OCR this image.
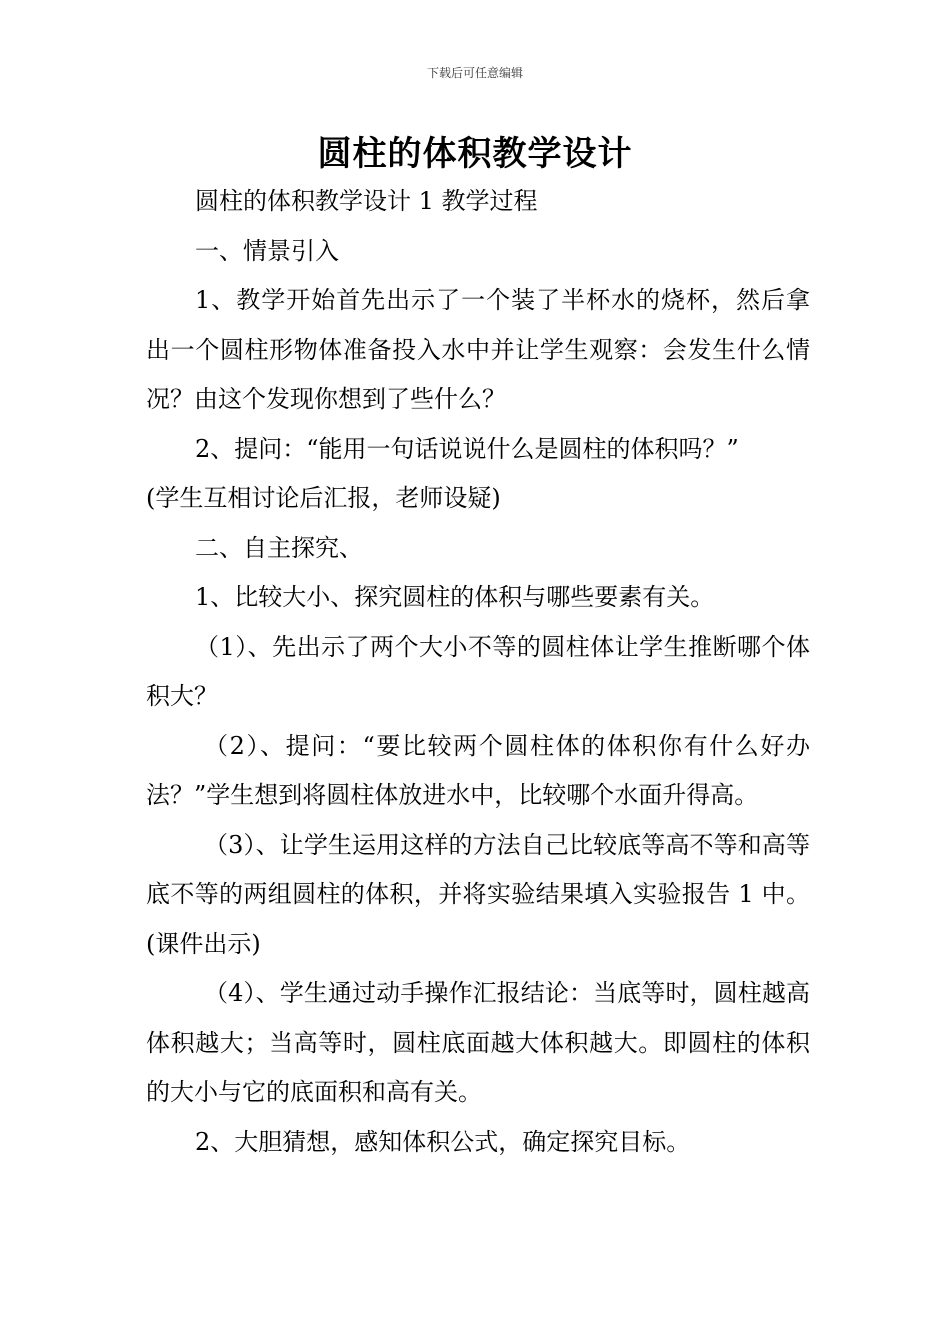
下载后可任意编辑
圆柱的体积教学设计

圆柱的体积教学设计 1 教学过程

一、情景引入

1、教学开始首先出示了一个装了半杯水的烧杯，然后拿出一个圆柱形物体准备投入水中并让学生观察：会发生什么情况？由这个发现你想到了些什么？

2、提问：“能用一句话说说什么是圆柱的体积吗？”

(学生互相讨论后汇报，老师设疑)

二、自主探究、

1、比较大小、探究圆柱的体积与哪些要素有关。

（1）、先出示了两个大小不等的圆柱体让学生推断哪个体积大？

（2）、提问：“要比较两个圆柱体的体积你有什么好办法？”学生想到将圆柱体放进水中，比较哪个水面升得高。

（3）、让学生运用这样的方法自己比较底等高不等和高等底不等的两组圆柱的体积，并将实验结果填入实验报告 1 中。(课件出示)

（4）、学生通过动手操作汇报结论：当底等时，圆柱越高体积越大；当高等时，圆柱底面越大体积越大。即圆柱的体积的大小与它的底面积和高有关。

2、大胆猜想，感知体积公式，确定探究目标。
